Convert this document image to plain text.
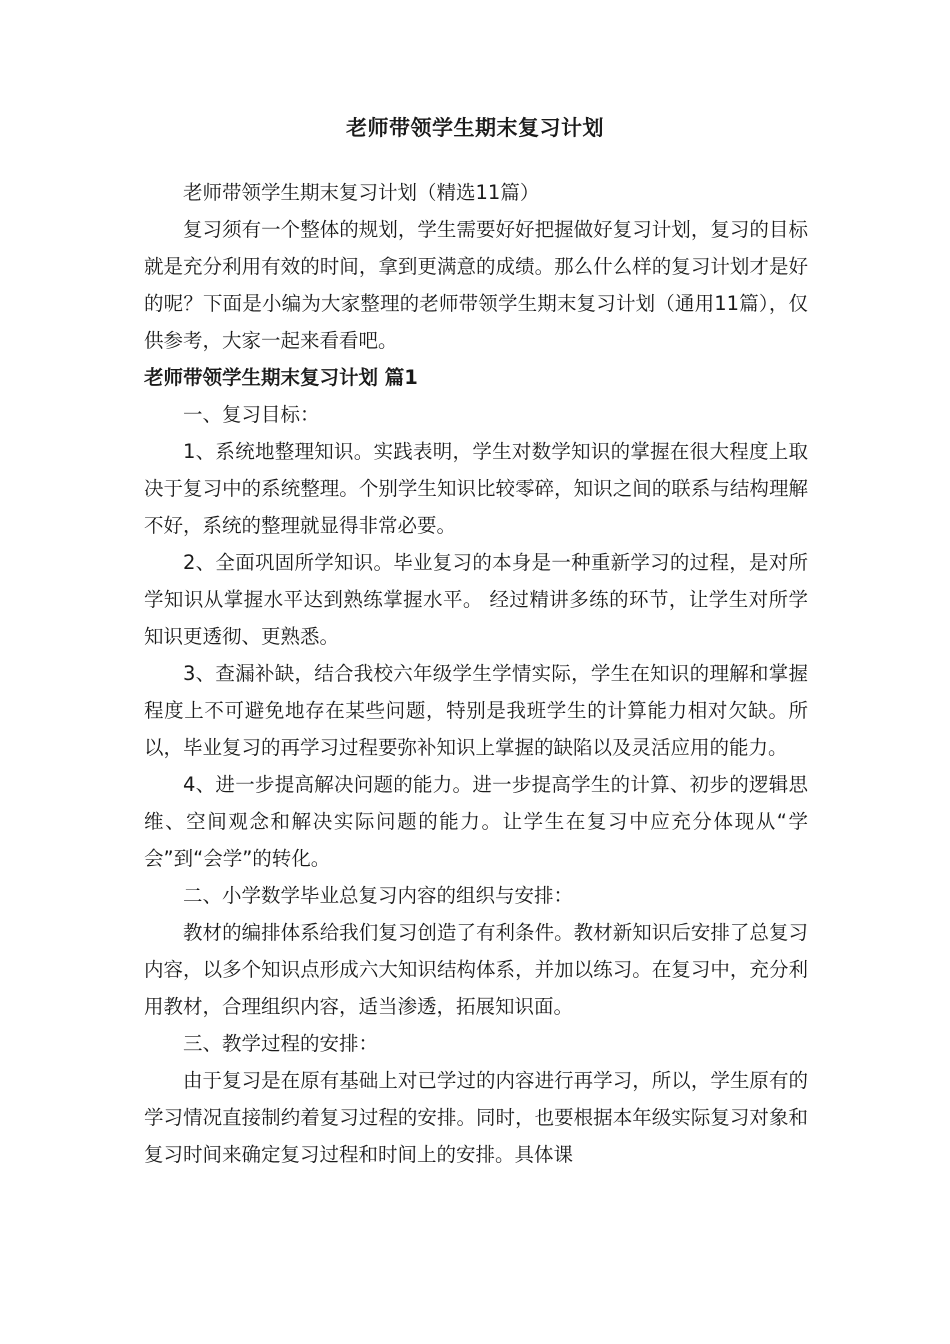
老师带领学生期末复习计划

老师带领学生期末复习计划（精选11篇）

复习须有一个整体的规划，学生需要好好把握做好复习计划，复习的目标就是充分利用有效的时间，拿到更满意的成绩。那么什么样的复习计划才是好的呢？下面是小编为大家整理的老师带领学生期末复习计划（通用11篇），仅供参考，大家一起来看看吧。

老师带领学生期末复习计划 篇1

一、复习目标：

1、系统地整理知识。实践表明，学生对数学知识的掌握在很大程度上取决于复习中的系统整理。个别学生知识比较零碎，知识之间的联系与结构理解不好，系统的整理就显得非常必要。

2、全面巩固所学知识。毕业复习的本身是一种重新学习的过程，是对所学知识从掌握水平达到熟练掌握水平。 经过精讲多练的环节，让学生对所学知识更透彻、更熟悉。

3、查漏补缺，结合我校六年级学生学情实际，学生在知识的理解和掌握程度上不可避免地存在某些问题，特别是我班学生的计算能力相对欠缺。所以，毕业复习的再学习过程要弥补知识上掌握的缺陷以及灵活应用的能力。

4、进一步提高解决问题的能力。进一步提高学生的计算、初步的逻辑思维、空间观念和解决实际问题的能力。让学生在复习中应充分体现从“学会”到“会学”的转化。

二、小学数学毕业总复习内容的组织与安排：

教材的编排体系给我们复习创造了有利条件。教材新知识后安排了总复习内容，以多个知识点形成六大知识结构体系，并加以练习。在复习中，充分利用教材，合理组织内容，适当渗透，拓展知识面。

三、教学过程的安排：

由于复习是在原有基础上对已学过的内容进行再学习，所以，学生原有的学习情况直接制约着复习过程的安排。同时，也要根据本年级实际复习对象和复习时间来确定复习过程和时间上的安排。具体课
